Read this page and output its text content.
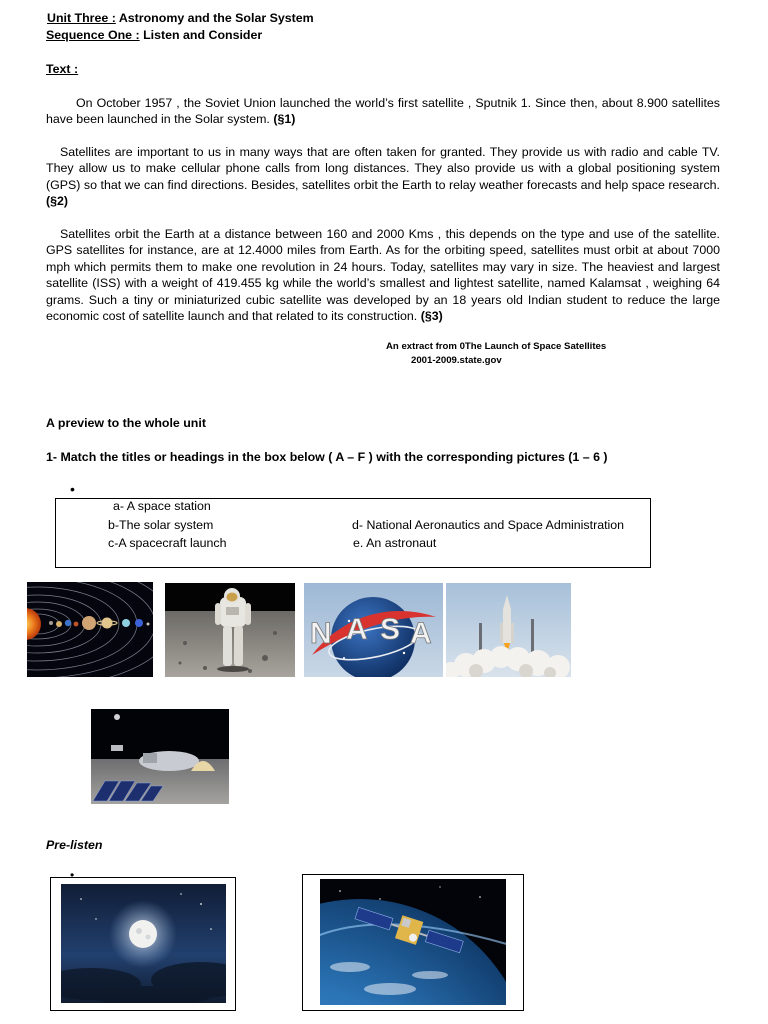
Unit Three : Astronomy and the Solar System
Sequence One : Listen and Consider
Text :

On October 1957 , the Soviet Union launched the world’s first satellite , Sputnik 1. Since then, about 8.900 satellites have been launched in the Solar system. (§1)

Satellites are important to us in many ways that are often taken for granted. They provide us with radio and cable TV. They allow us to make cellular phone calls from long distances. They also provide us with a global positioning system (GPS) so that we can find directions. Besides, satellites orbit the Earth to relay weather forecasts and help space research. (§2)

Satellites orbit the Earth at a distance between 160 and 2000 Kms , this depends on the type and use of the satellite. GPS satellites for instance, are at 12.4000 miles from Earth. As for the orbiting speed, satellites must orbit at about 7000 mph which permits them to make one revolution in 24 hours. Today, satellites may vary in size. The heaviest and largest satellite (ISS) with a weight of 419.455 kg while the world’s smallest and lightest satellite, named Kalamsat , weighing 64 grams. Such a tiny or miniaturized cubic satellite was developed by an 18 years old Indian student to reduce the large economic cost of satellite launch and that related to its construction. (§3)

An extract from 0The Launch of Space Satellites
2001-2009.state.gov
A preview to the whole unit
1- Match the titles or headings in the box below ( A – F ) with the corresponding pictures (1 – 6 )
•
a- A space station
b-The solar system
c-A spacecraft launch
d- National Aeronautics and Space Administration
e. An astronaut
N A S A
Pre-listen
•
